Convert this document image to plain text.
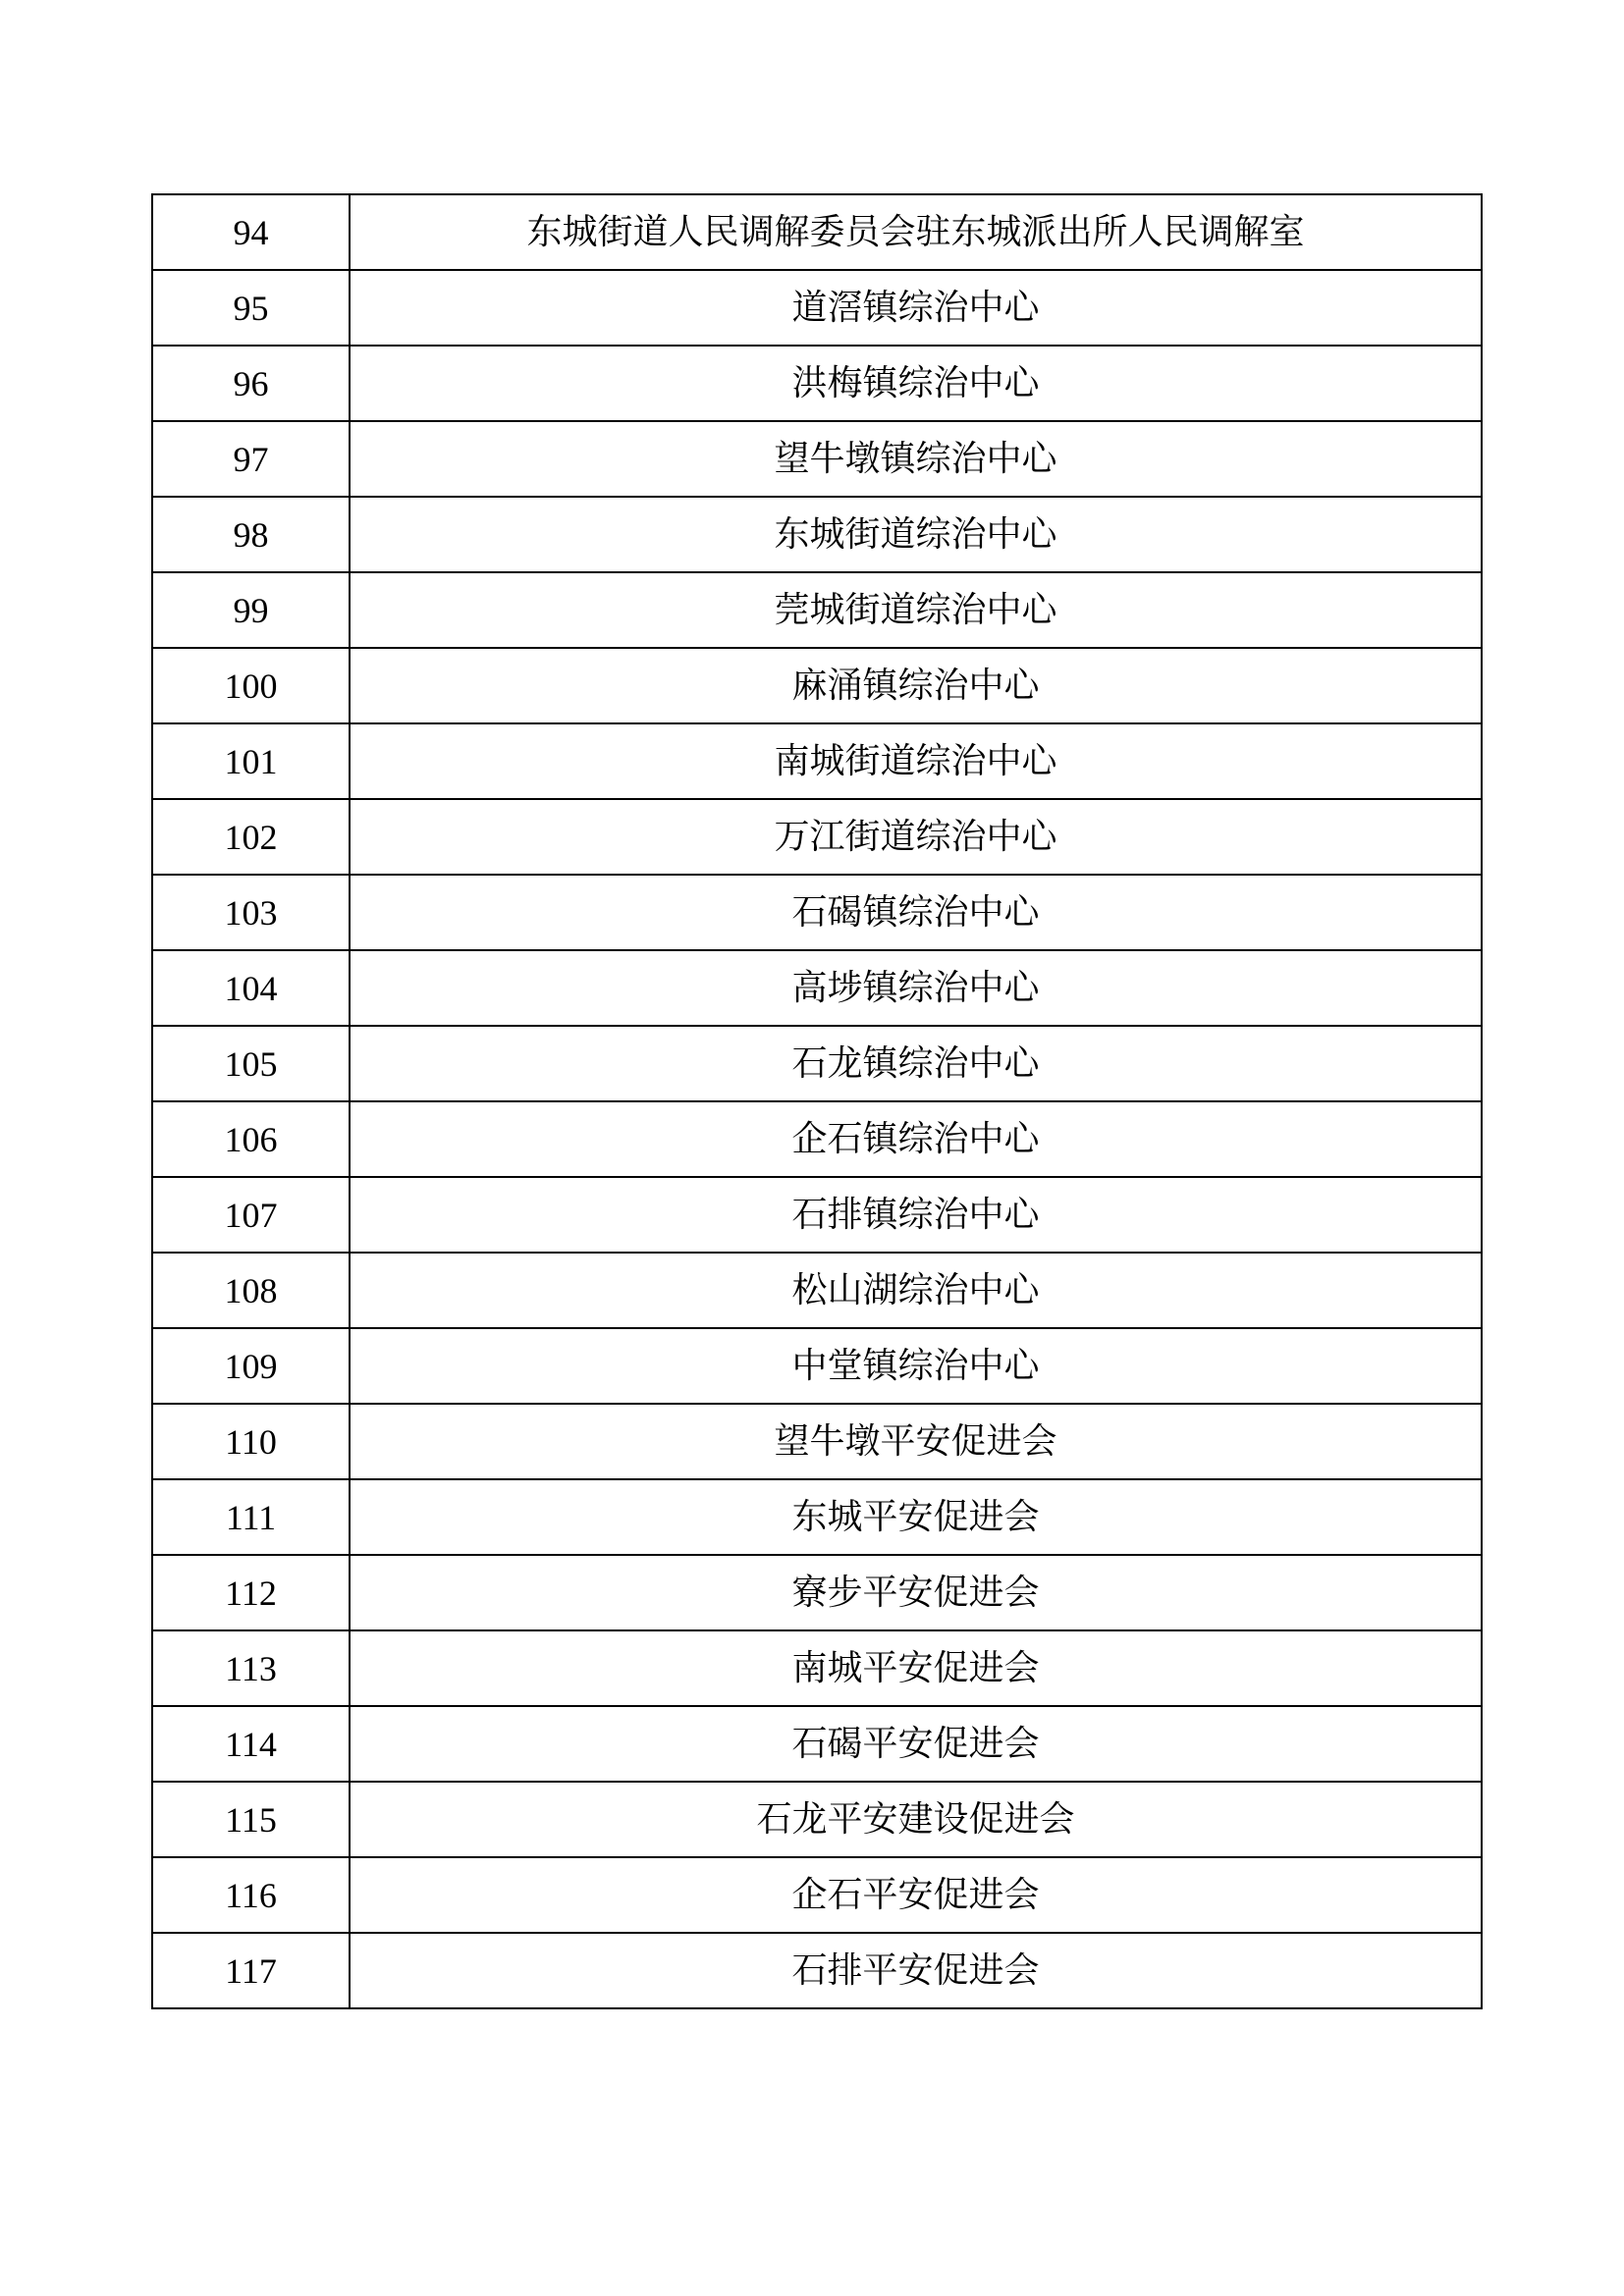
94	东城街道人民调解委员会驻东城派出所人民调解室
95	道滘镇综治中心
96	洪梅镇综治中心
97	望牛墩镇综治中心
98	东城街道综治中心
99	莞城街道综治中心
100	麻涌镇综治中心
101	南城街道综治中心
102	万江街道综治中心
103	石碣镇综治中心
104	高埗镇综治中心
105	石龙镇综治中心
106	企石镇综治中心
107	石排镇综治中心
108	松山湖综治中心
109	中堂镇综治中心
110	望牛墩平安促进会
111	东城平安促进会
112	寮步平安促进会
113	南城平安促进会
114	石碣平安促进会
115	石龙平安建设促进会
116	企石平安促进会
117	石排平安促进会
